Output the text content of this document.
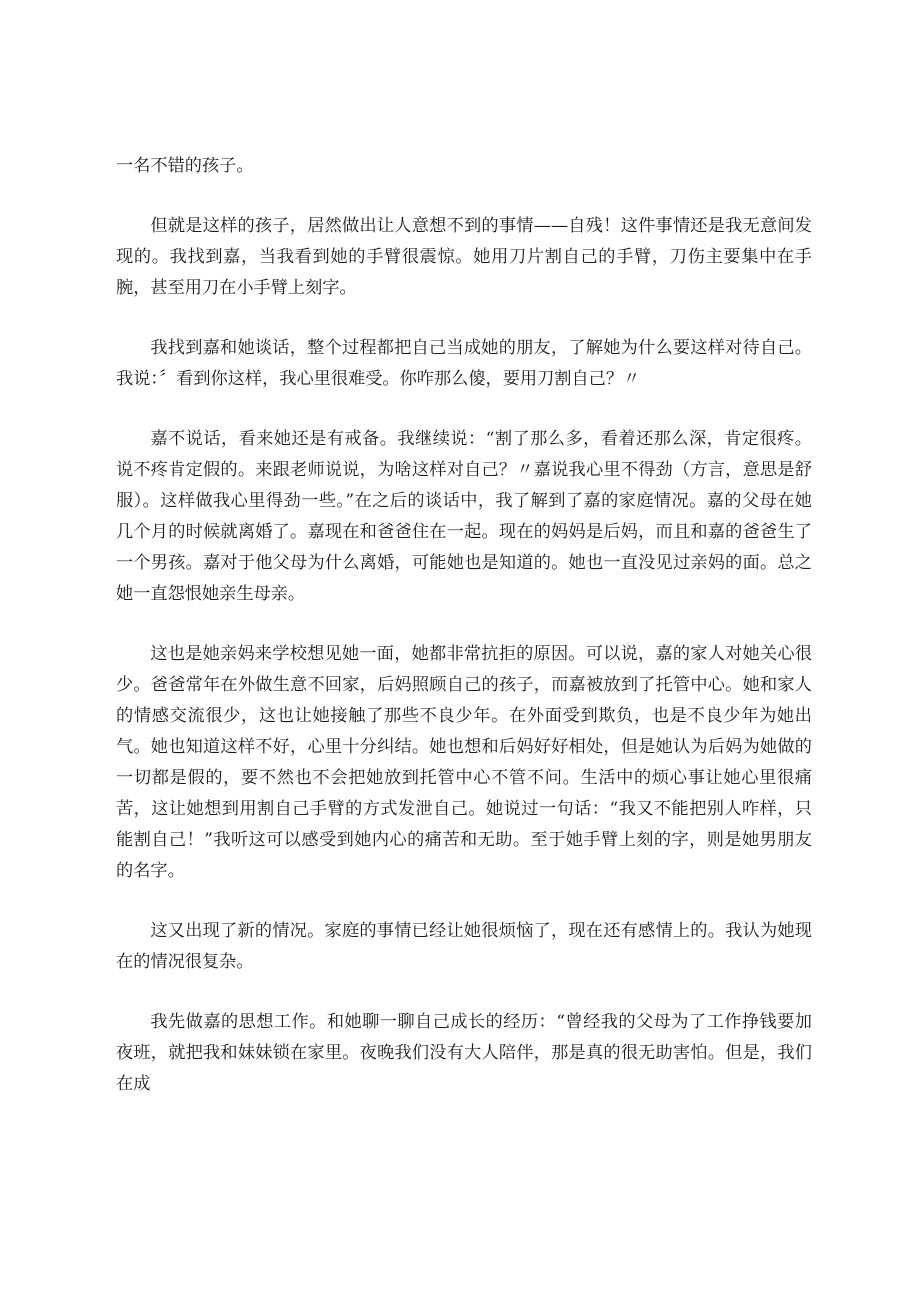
一名不错的孩子。

但就是这样的孩子，居然做出让人意想不到的事情——自残！这件事情还是我无意间发现的。我找到嘉，当我看到她的手臂很震惊。她用刀片割自己的手臂，刀伤主要集中在手腕，甚至用刀在小手臂上刻字。

我找到嘉和她谈话，整个过程都把自己当成她的朋友，了解她为什么要这样对待自己。我说：〞看到你这样，我心里很难受。你咋那么傻，要用刀割自己？〃

嘉不说话，看来她还是有戒备。我继续说：“割了那么多，看着还那么深，肯定很疼。说不疼肯定假的。来跟老师说说，为啥这样对自己？〃嘉说我心里不得劲（方言，意思是舒服）。这样做我心里得劲一些。”在之后的谈话中，我了解到了嘉的家庭情况。嘉的父母在她几个月的时候就离婚了。嘉现在和爸爸住在一起。现在的妈妈是后妈，而且和嘉的爸爸生了一个男孩。嘉对于他父母为什么离婚，可能她也是知道的。她也一直没见过亲妈的面。总之她一直怨恨她亲生母亲。

这也是她亲妈来学校想见她一面，她都非常抗拒的原因。可以说，嘉的家人对她关心很少。爸爸常年在外做生意不回家，后妈照顾自己的孩子，而嘉被放到了托管中心。她和家人的情感交流很少，这也让她接触了那些不良少年。在外面受到欺负，也是不良少年为她出气。她也知道这样不好，心里十分纠结。她也想和后妈好好相处，但是她认为后妈为她做的一切都是假的，要不然也不会把她放到托管中心不管不问。生活中的烦心事让她心里很痛苦，这让她想到用割自己手臂的方式发泄自己。她说过一句话：“我又不能把别人咋样，只能割自己！”我听这可以感受到她内心的痛苦和无助。至于她手臂上刻的字，则是她男朋友的名字。

这又出现了新的情况。家庭的事情已经让她很烦恼了，现在还有感情上的。我认为她现在的情况很复杂。

我先做嘉的思想工作。和她聊一聊自己成长的经历：“曾经我的父母为了工作挣钱要加夜班，就把我和妹妹锁在家里。夜晚我们没有大人陪伴，那是真的很无助害怕。但是，我们在成
